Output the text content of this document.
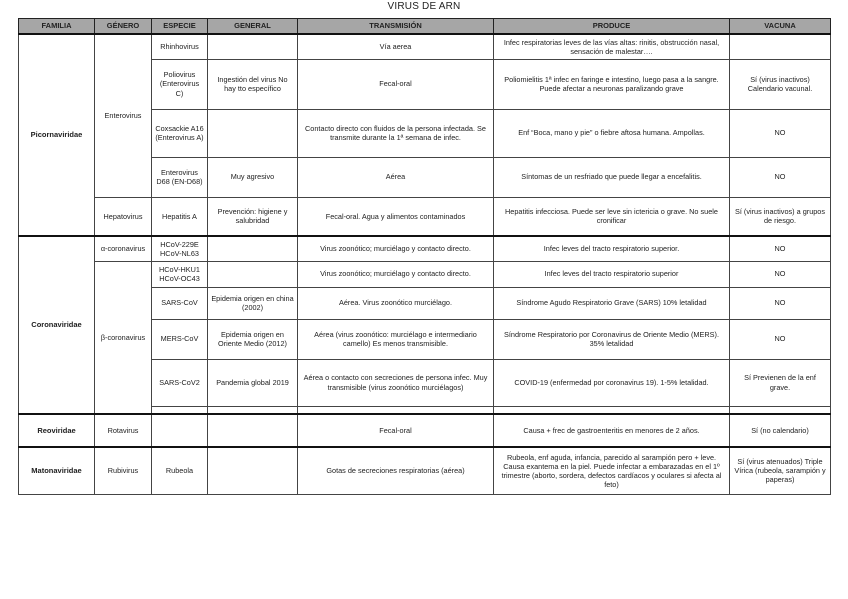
VIRUS DE ARN
FAMILIA	GÉNERO	ESPECIE	GENERAL	TRANSMISIÓN	PRODUCE	VACUNA
Picornaviridae	Enterovirus	Rhinhovirus		Vía aerea	Infec respiratorias leves de las vías altas: rinitis, obstrucción nasal, sensación de malestar….	
		Poliovirus (Enterovirus C)	Ingestión del virus No hay tto específico	Fecal-oral	Poliomielitis 1ª infec en faringe e intestino, luego pasa a la sangre. Puede afectar a neuronas paralizando grave	Sí (virus inactivos) Calendario vacunal.
		Coxsackie A16 (Enterovirus A)		Contacto directo con fluidos de la persona infectada. Se transmite durante la 1ª semana de infec.	Enf “Boca, mano y pie” o fiebre aftosa humana. Ampollas.	NO
		Enterovirus D68 (EN-D68)	Muy agresivo	Aérea	Síntomas de un resfriado que puede llegar a encefalitis.	NO
	Hepatovirus	Hepatitis A	Prevención: higiene y salubridad	Fecal-oral. Agua y alimentos contaminados	Hepatitis infecciosa. Puede ser leve sin ictericia o grave. No suele cronificar	Sí (virus inactivos) a grupos de riesgo.
Coronaviridae	α-coronavirus	HCoV-229E HCoV-NL63		Virus zoonótico; murciélago y contacto directo.	Infec leves del tracto respiratorio superior.	NO
	β-coronavirus	HCoV-HKU1 HCoV-OC43		Virus zoonótico; murciélago y contacto directo.	Infec leves del tracto respiratorio superior	NO
		SARS-CoV	Epidemia origen en china (2002)	Aérea. Virus zoonótico murciélago.	Síndrome Agudo Respiratorio Grave (SARS) 10% letalidad	NO
		MERS-CoV	Epidemia origen en Oriente Medio (2012)	Aérea (virus zoonótico: murciélago e intermediario camello) Es menos transmisible.	Síndrome Respiratorio por Coronavirus de Oriente Medio (MERS). 35% letalidad	NO
		SARS-CoV2	Pandemia global 2019	Aérea o contacto con secreciones de persona infec. Muy transmisible (virus zoonótico murciélagos)	COVID-19 (enfermedad por coronavirus 19). 1-5% letalidad.	Sí Previenen de la enf grave.

Reoviridae	Rotavirus			Fecal-oral	Causa + frec de gastroenteritis en menores de 2 años.	Sí (no calendario)
Matonaviridae	Rubivirus	Rubeola		Gotas de secreciones respiratorias (aérea)	Rubeola, enf aguda, infancia, parecido al sarampión pero + leve. Causa exantema en la piel. Puede infectar a embarazadas en el 1º trimestre (aborto, sordera, defectos cardíacos y oculares si afecta al feto)	Sí (virus atenuados) Triple Vírica (rubeola, sarampión y paperas)
